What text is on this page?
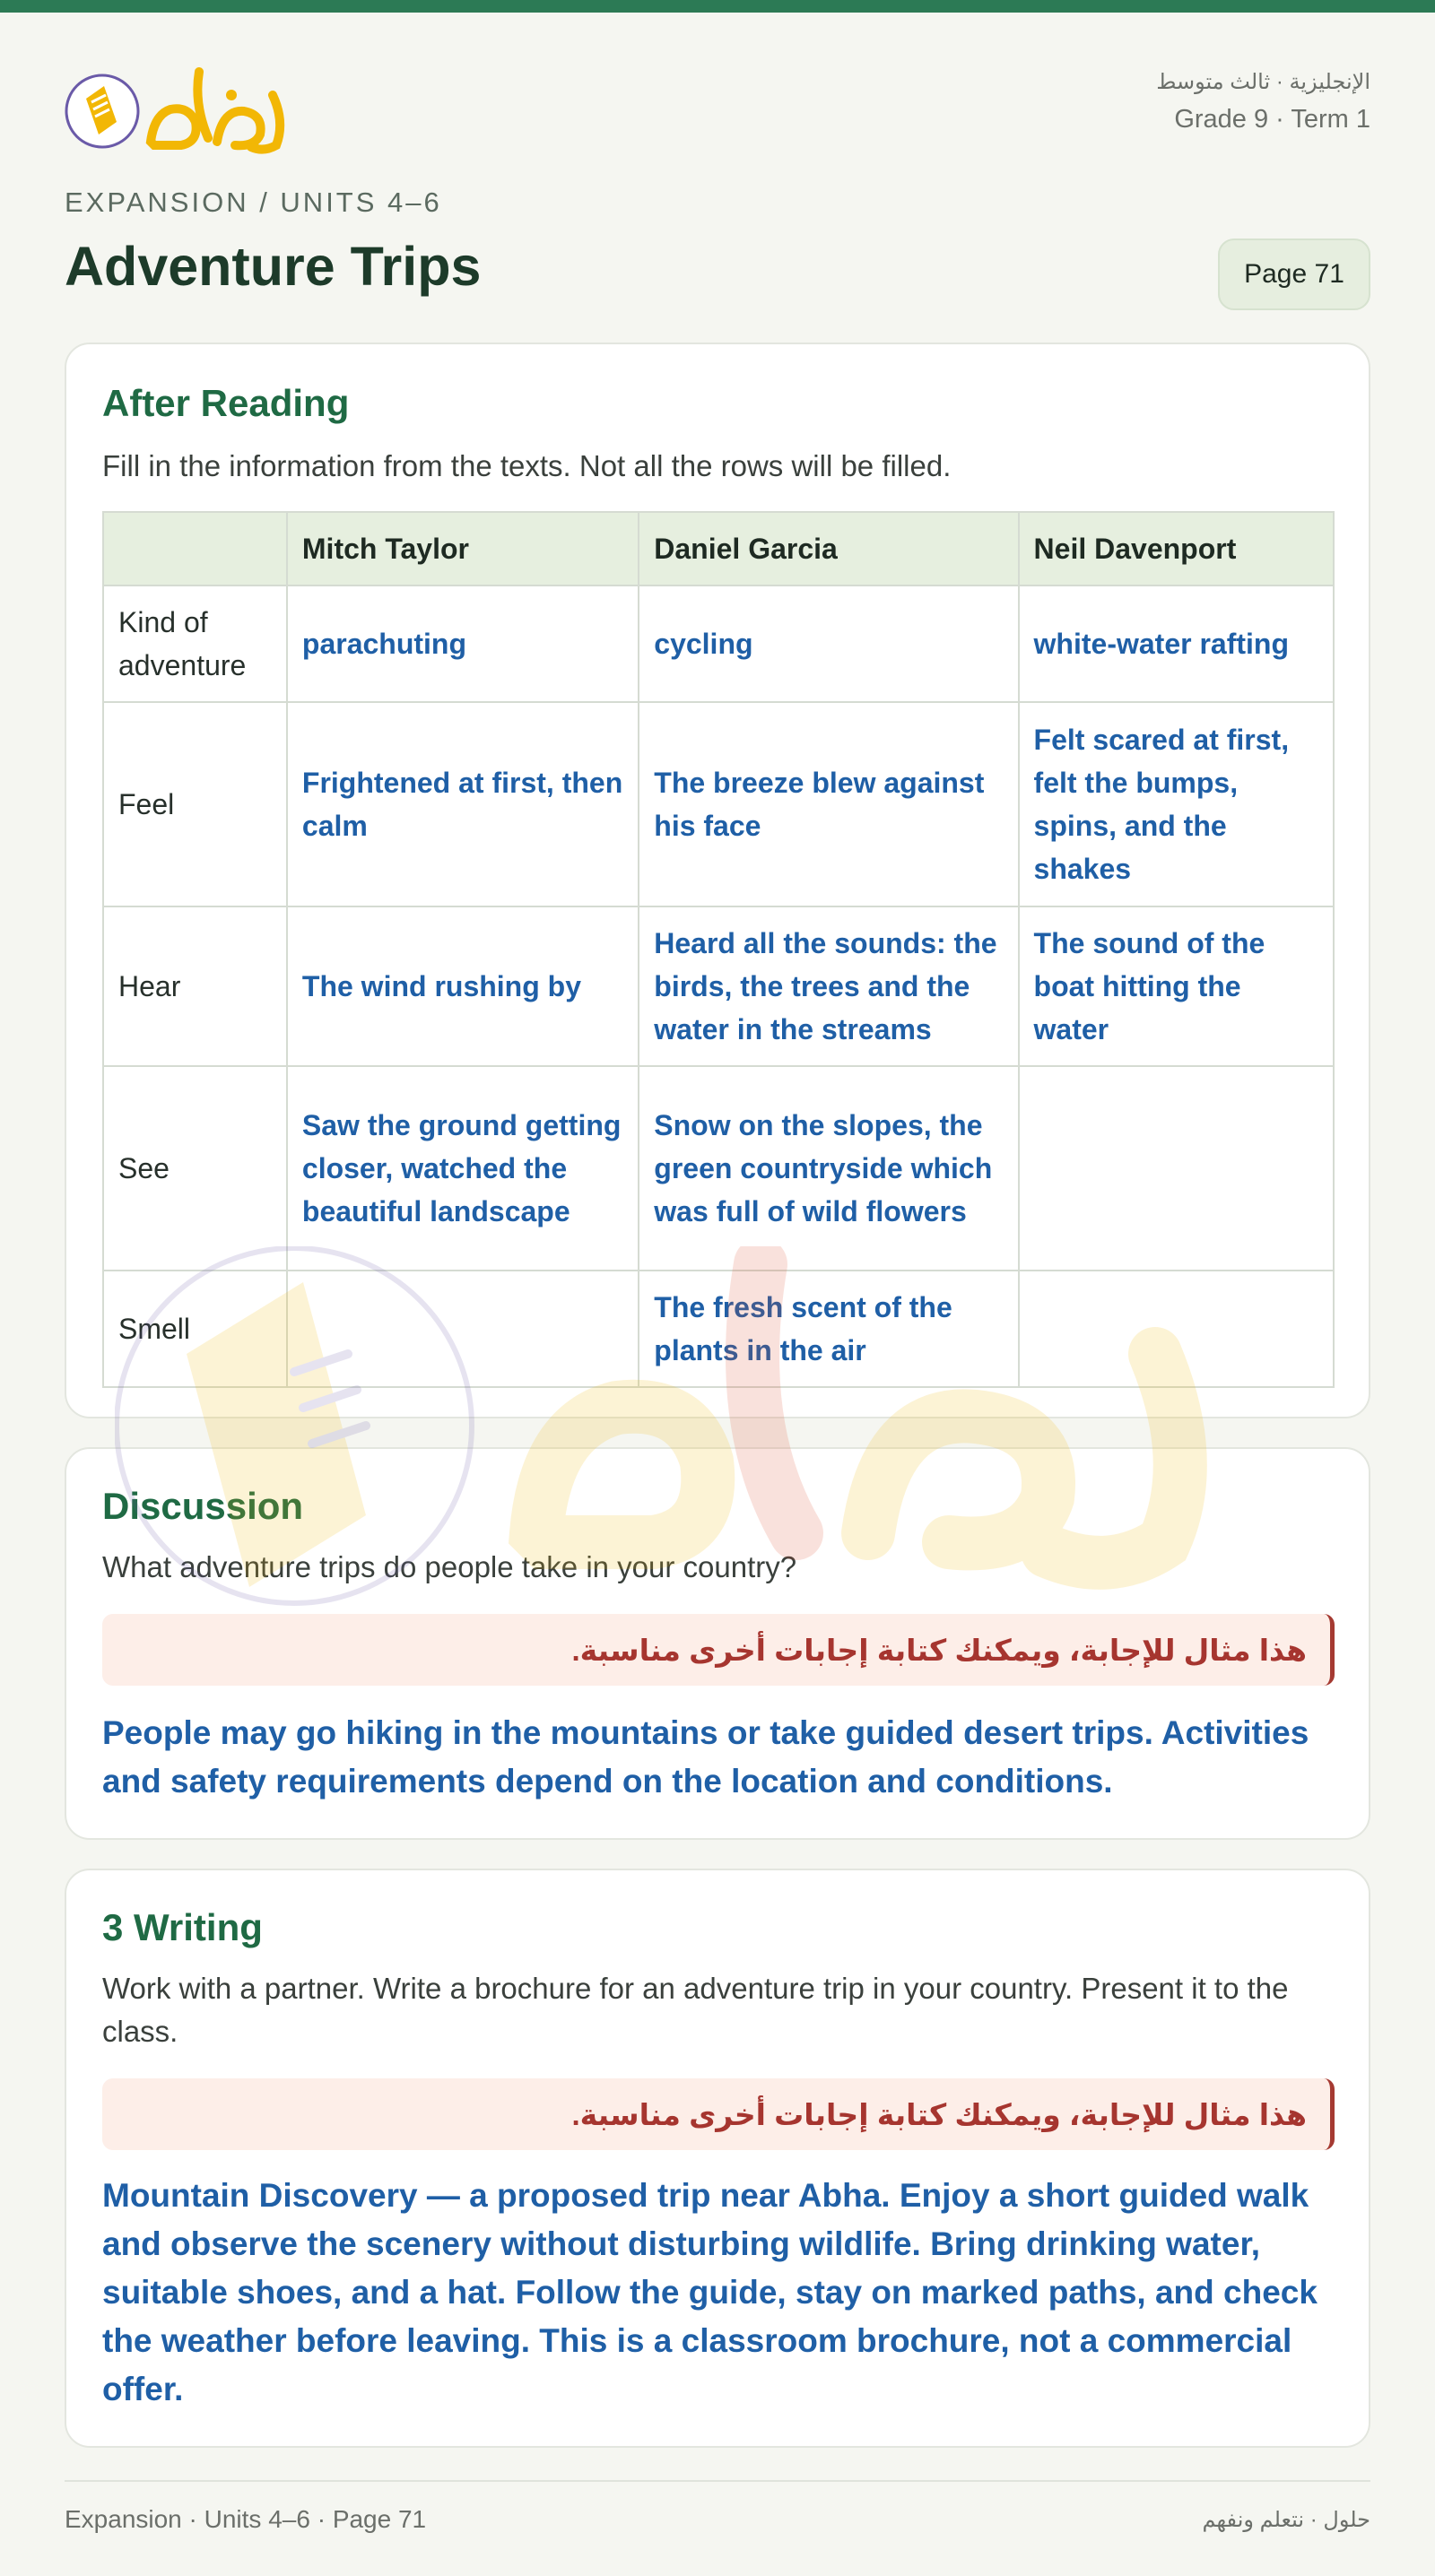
الإنجليزية · ثالث متوسط
Grade 9 · Term 1
EXPANSION / UNITS 4–6
Adventure Trips	Page 71
After Reading
Fill in the information from the texts. Not all the rows will be filled.
	Mitch Taylor	Daniel Garcia	Neil Davenport
Kind of adventure	parachuting	cycling	white-water rafting
Feel	Frightened at first, then calm	The breeze blew against his face	Felt scared at first, felt the bumps, spins, and the shakes
Hear	The wind rushing by	Heard all the sounds: the birds, the trees and the water in the streams	The sound of the boat hitting the water
See	Saw the ground getting closer, watched the beautiful landscape	Snow on the slopes, the green countryside which was full of wild flowers	
Smell		The fresh scent of the plants in the air	
Discussion
What adventure trips do people take in your country?
هذا مثال للإجابة، ويمكنك كتابة إجابات أخرى مناسبة.
People may go hiking in the mountains or take guided desert trips. Activities and safety requirements depend on the location and conditions.
3 Writing
Work with a partner. Write a brochure for an adventure trip in your country. Present it to the class.
هذا مثال للإجابة، ويمكنك كتابة إجابات أخرى مناسبة.
Mountain Discovery — a proposed trip near Abha. Enjoy a short guided walk and observe the scenery without disturbing wildlife. Bring drinking water, suitable shoes, and a hat. Follow the guide, stay on marked paths, and check the weather before leaving. This is a classroom brochure, not a commercial offer.
Expansion · Units 4–6 · Page 71	حلول · نتعلم ونفهم
